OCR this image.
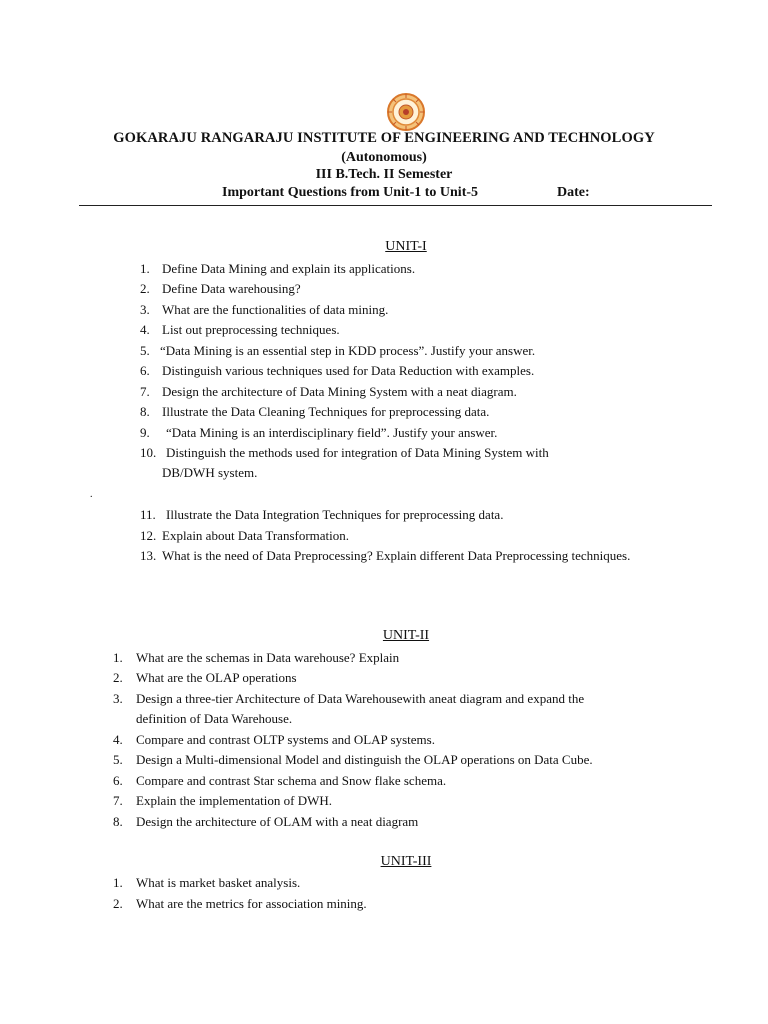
GOKARAJU RANGARAJU INSTITUTE OF ENGINEERING AND TECHNOLOGY
(Autonomous)
III B.Tech. II Semester
Important Questions from Unit-1 to Unit-5	Date:
UNIT-I
1. Define Data Mining and explain its applications.
2. Define Data warehousing?
3. What are the functionalities of data mining.
4. List out preprocessing techniques.
5. “Data Mining is an essential step in KDD process”. Justify your answer.
6. Distinguish various techniques used for Data Reduction with examples.
7. Design the architecture of Data Mining System with a neat diagram.
8. Illustrate the Data Cleaning Techniques for preprocessing data.
9. “Data Mining is an interdisciplinary field”. Justify your answer.
10. Distinguish the methods used for integration of Data Mining System with
DB/DWH system.
.
11. Illustrate the Data Integration Techniques for preprocessing data.
12. Explain about Data Transformation.
13. What is the need of Data Preprocessing? Explain different Data Preprocessing techniques.
UNIT-II
1. What are the schemas in Data warehouse? Explain
2. What are the OLAP operations
3. Design a three-tier Architecture of Data Warehousewith aneat diagram and expand the
definition of Data Warehouse.
4. Compare and contrast OLTP systems and OLAP systems.
5. Design a Multi-dimensional Model and distinguish the OLAP operations on Data Cube.
6. Compare and contrast Star schema and Snow flake schema.
7. Explain the implementation of DWH.
8. Design the architecture of OLAM with a neat diagram
UNIT-III
1. What is market basket analysis.
2. What are the metrics for association mining.
